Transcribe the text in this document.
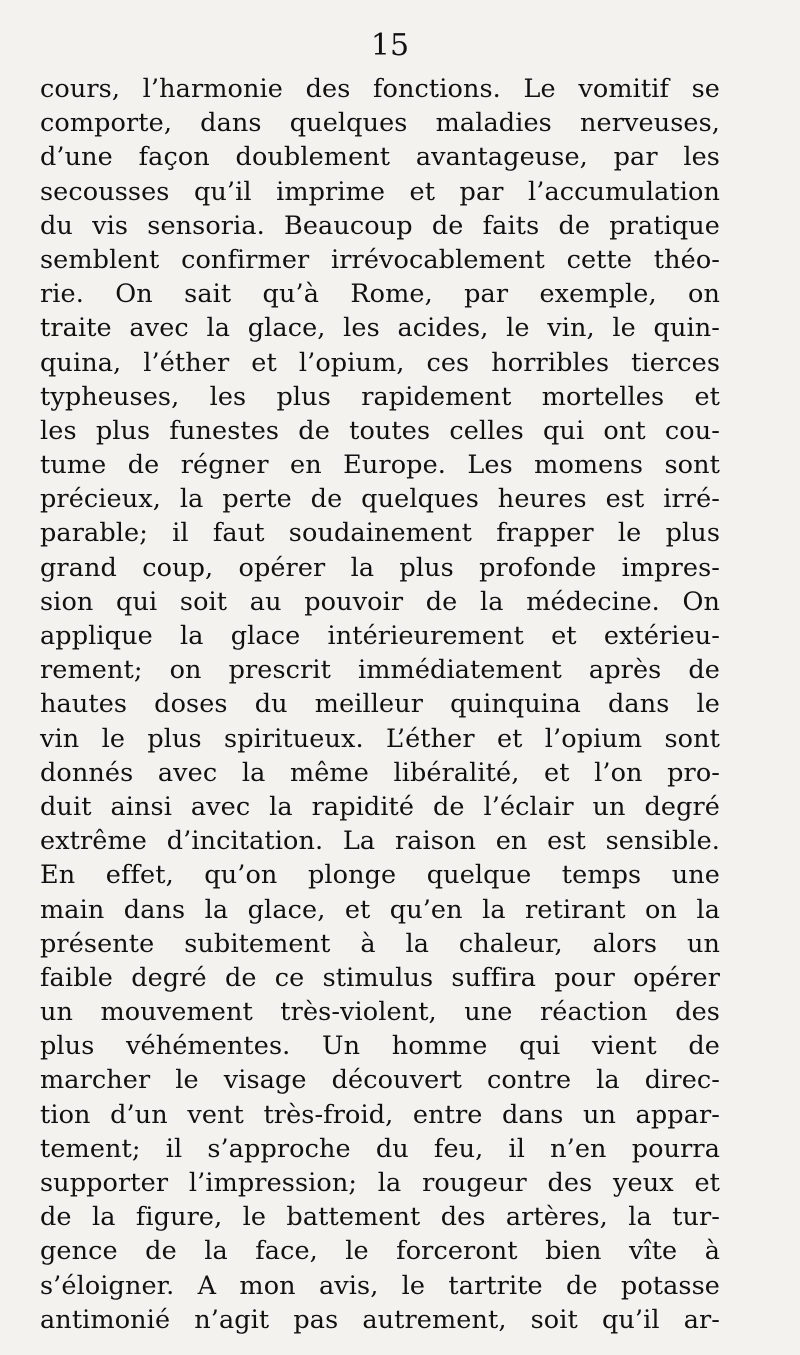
15
cours, l’harmonie des fonctions. Le vomitif se
comporte, dans quelques maladies nerveuses,
d’une façon doublement avantageuse, par les
secousses qu’il imprime et par l’accumulation
du vis sensoria. Beaucoup de faits de pratique
semblent confirmer irrévocablement cette théo-
rie. On sait qu’à Rome, par exemple, on
traite avec la glace, les acides, le vin, le quin-
quina, l’éther et l’opium, ces horribles tierces
typheuses, les plus rapidement mortelles et
les plus funestes de toutes celles qui ont cou-
tume de régner en Europe. Les momens sont
précieux, la perte de quelques heures est irré-
parable; il faut soudainement frapper le plus
grand coup, opérer la plus profonde impres-
sion qui soit au pouvoir de la médecine. On
applique la glace intérieurement et extérieu-
rement; on prescrit immédiatement après de
hautes doses du meilleur quinquina dans le
vin le plus spiritueux. L’éther et l’opium sont
donnés avec la même libéralité, et l’on pro-
duit ainsi avec la rapidité de l’éclair un degré
extrême d’incitation. La raison en est sensible.
En effet, qu’on plonge quelque temps une
main dans la glace, et qu’en la retirant on la
présente subitement à la chaleur, alors un
faible degré de ce stimulus suffira pour opérer
un mouvement très-violent, une réaction des
plus véhémentes. Un homme qui vient de
marcher le visage découvert contre la direc-
tion d’un vent très-froid, entre dans un appar-
tement; il s’approche du feu, il n’en pourra
supporter l’impression; la rougeur des yeux et
de la figure, le battement des artères, la tur-
gence de la face, le forceront bien vîte à
s’éloigner. A mon avis, le tartrite de potasse
antimonié n’agit pas autrement, soit qu’il ar-
